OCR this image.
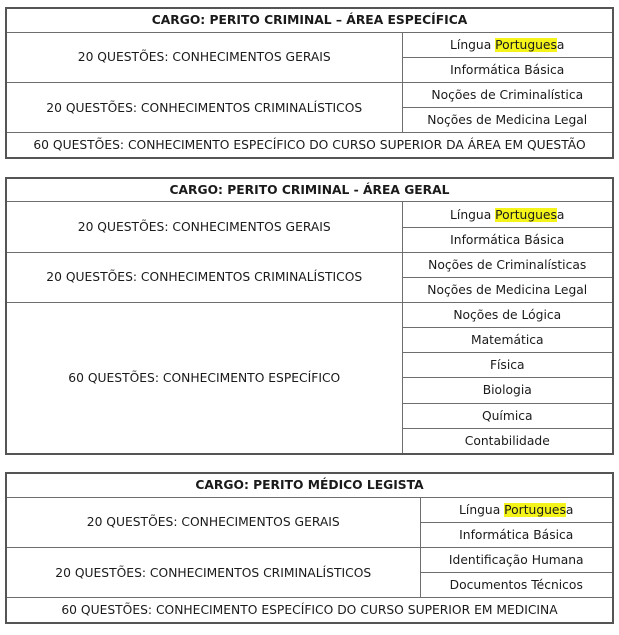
CARGO: PERITO CRIMINAL – ÁREA ESPECÍFICA	
20 QUESTÕES: CONHECIMENTOS GERAIS	Língua Portuguesa
	Informática Básica
20 QUESTÕES: CONHECIMENTOS CRIMINALÍSTICOS	Noções de Criminalística
	Noções de Medicina Legal
60 QUESTÕES: CONHECIMENTO ESPECÍFICO DO CURSO SUPERIOR DA ÁREA EM QUESTÃO	
CARGO: PERITO CRIMINAL - ÁREA GERAL	
20 QUESTÕES: CONHECIMENTOS GERAIS	Língua Portuguesa
	Informática Básica
20 QUESTÕES: CONHECIMENTOS CRIMINALÍSTICOS	Noções de Criminalísticas
	Noções de Medicina Legal
60 QUESTÕES: CONHECIMENTO ESPECÍFICO	Noções de Lógica
	Matemática
	Física
	Biologia
	Química
	Contabilidade
CARGO: PERITO MÉDICO LEGISTA	
20 QUESTÕES: CONHECIMENTOS GERAIS	Língua Portuguesa
	Informática Básica
20 QUESTÕES: CONHECIMENTOS CRIMINALÍSTICOS	Identificação Humana
	Documentos Técnicos
60 QUESTÕES: CONHECIMENTO ESPECÍFICO DO CURSO SUPERIOR EM MEDICINA	
